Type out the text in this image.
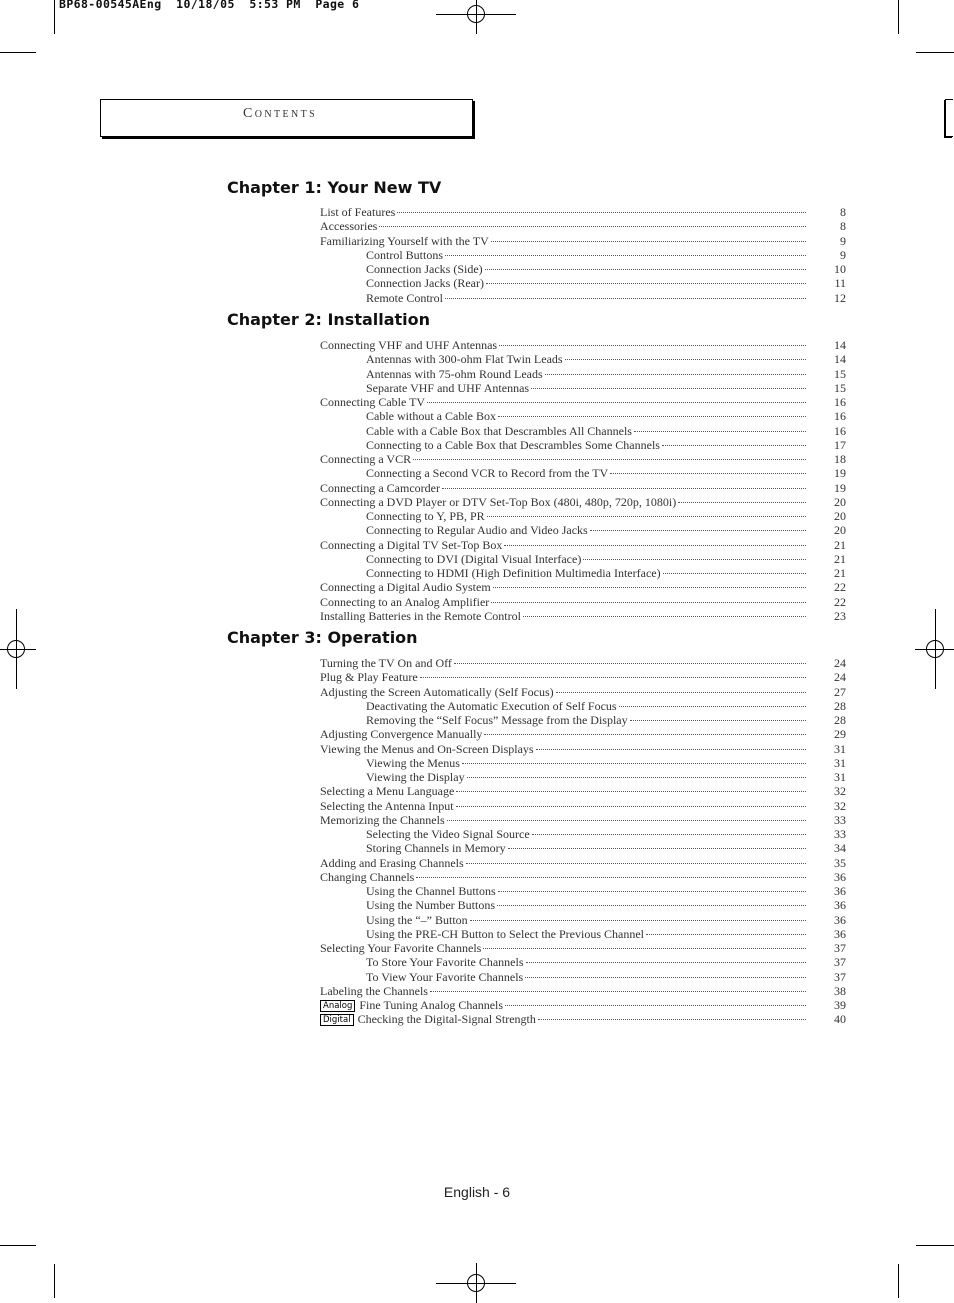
BP68-00545AEng  10/18/05  5:53 PM  Page 6
Contents
Chapter 1: Your New TV
List of Features	8
Accessories	8
Familiarizing Yourself with the TV	9
Control Buttons	9
Connection Jacks (Side)	10
Connection Jacks (Rear)	11
Remote Control	12
Chapter 2: Installation
Connecting VHF and UHF Antennas	14
Antennas with 300-ohm Flat Twin Leads	14
Antennas with 75-ohm Round Leads	15
Separate VHF and UHF Antennas	15
Connecting Cable TV	16
Cable without a Cable Box	16
Cable with a Cable Box that Descrambles All Channels	16
Connecting to a Cable Box that Descrambles Some Channels	17
Connecting a VCR	18
Connecting a Second VCR to Record from the TV	19
Connecting a Camcorder	19
Connecting a DVD Player or DTV Set-Top Box (480i, 480p, 720p, 1080i)	20
Connecting to Y, PB, PR	20
Connecting to Regular Audio and Video Jacks	20
Connecting a Digital TV Set-Top Box	21
Connecting to DVI (Digital Visual Interface)	21
Connecting to HDMI (High Definition Multimedia Interface)	21
Connecting a Digital Audio System	22
Connecting to an Analog Amplifier	22
Installing Batteries in the Remote Control	23
Chapter 3: Operation
Turning the TV On and Off	24
Plug & Play Feature	24
Adjusting the Screen Automatically (Self Focus)	27
Deactivating the Automatic Execution of Self Focus	28
Removing the “Self Focus” Message from the Display	28
Adjusting Convergence Manually	29
Viewing the Menus and On-Screen Displays	31
Viewing the Menus	31
Viewing the Display	31
Selecting a Menu Language	32
Selecting the Antenna Input	32
Memorizing the Channels	33
Selecting the Video Signal Source	33
Storing Channels in Memory	34
Adding and Erasing Channels	35
Changing Channels	36
Using the Channel Buttons	36
Using the Number Buttons	36
Using the “–” Button	36
Using the PRE-CH Button to Select the Previous Channel	36
Selecting Your Favorite Channels	37
To Store Your Favorite Channels	37
To View Your Favorite Channels	37
Labeling the Channels	38
Analog Fine Tuning Analog Channels	39
Digital Checking the Digital-Signal Strength	40
English - 6
